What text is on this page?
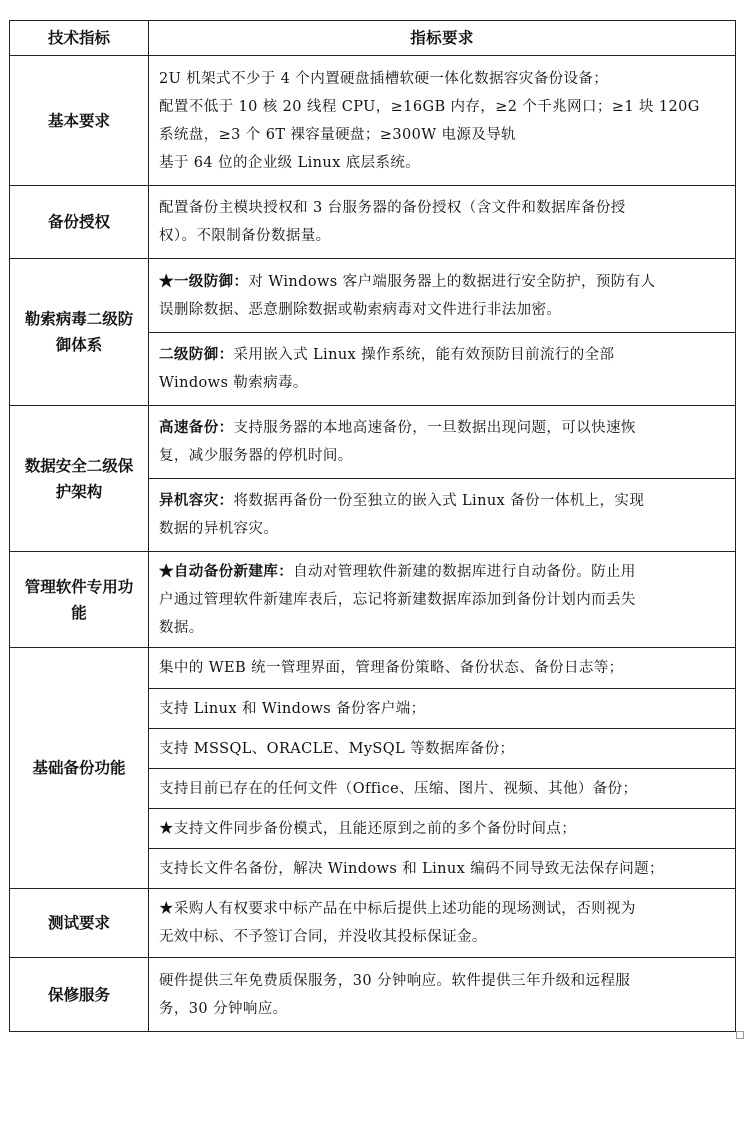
技术指标	指标要求
基本要求	2U 机架式不少于 4 个内置硬盘插槽软硬一体化数据容灾备份设备；
配置不低于 10 核 20 线程 CPU，≥16GB 内存，≥2 个千兆网口；≥1 块 120G
系统盘，≥3 个 6T 裸容量硬盘；≥300W 电源及导轨
基于 64 位的企业级 Linux 底层系统。

备份授权	配置备份主模块授权和 3 台服务器的备份授权（含文件和数据库备份授
权）。不限制备份数据量。

勒索病毒二级防御体系	★一级防御：对 Windows 客户端服务器上的数据进行安全防护，预防有人
误删除数据、恶意删除数据或勒索病毒对文件进行非法加密。

	二级防御：采用嵌入式 Linux 操作系统，能有效预防目前流行的全部
Windows 勒索病毒。

数据安全二级保护架构	高速备份：支持服务器的本地高速备份，一旦数据出现问题，可以快速恢
复，减少服务器的停机时间。

	异机容灾：将数据再备份一份至独立的嵌入式 Linux 备份一体机上，实现
数据的异机容灾。

管理软件专用功能	★自动备份新建库：自动对管理软件新建的数据库进行自动备份。防止用
户通过管理软件新建库表后，忘记将新建数据库添加到备份计划内而丢失
数据。

基础备份功能	集中的 WEB 统一管理界面，管理备份策略、备份状态、备份日志等；

	支持 Linux 和 Windows 备份客户端；

	支持 MSSQL、ORACLE、MySQL 等数据库备份；

	支持目前已存在的任何文件（Office、压缩、图片、视频、其他）备份；

	★支持文件同步备份模式，且能还原到之前的多个备份时间点；

	支持长文件名备份，解决 Windows 和 Linux 编码不同导致无法保存问题；

测试要求	★采购人有权要求中标产品在中标后提供上述功能的现场测试，否则视为
无效中标、不予签订合同，并没收其投标保证金。

保修服务	硬件提供三年免费质保服务，30 分钟响应。软件提供三年升级和远程服
务，30 分钟响应。
